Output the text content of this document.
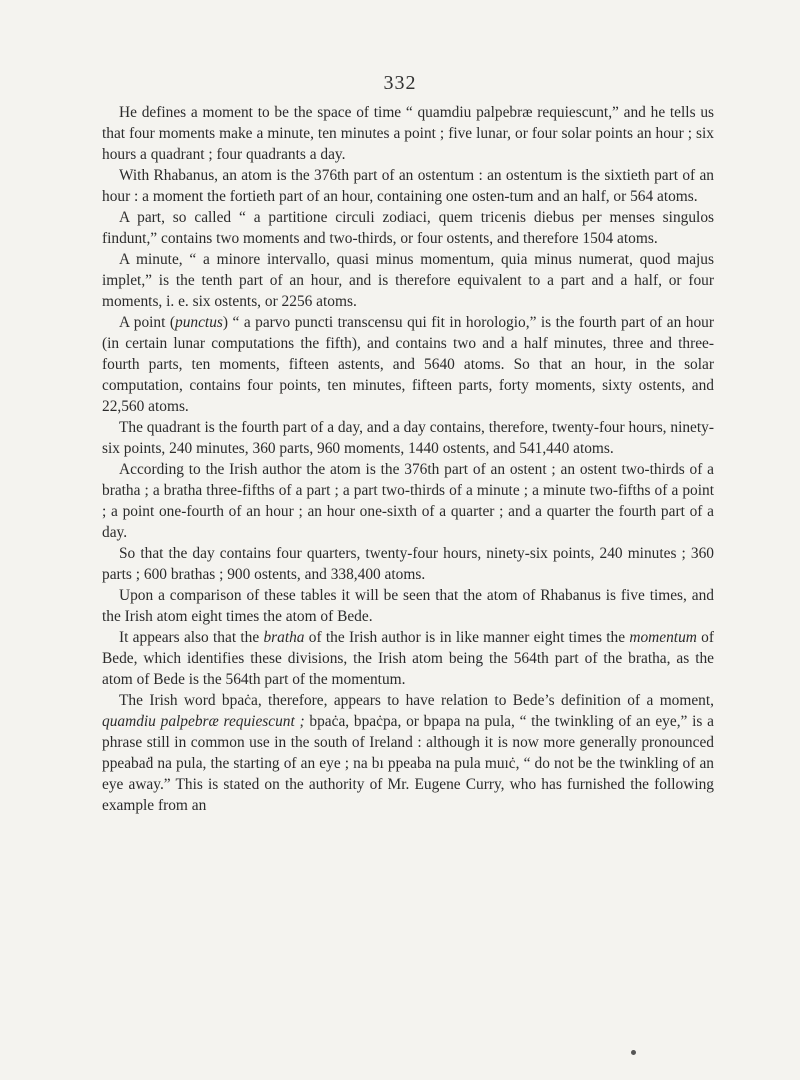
332

He defines a moment to be the space of time “ quamdiu palpebræ requiescunt,” and he tells us that four moments make a minute, ten minutes a point ; five lunar, or four solar points an hour ; six hours a quadrant ; four quadrants a day.

With Rhabanus, an atom is the 376th part of an ostentum : an ostentum is the sixtieth part of an hour : a moment the fortieth part of an hour, containing one osten-tum and an half, or 564 atoms.

A part, so called “ a partitione circuli zodiaci, quem tricenis diebus per menses singulos findunt,” contains two moments and two-thirds, or four ostents, and therefore 1504 atoms.

A minute, “ a minore intervallo, quasi minus momentum, quia minus numerat, quod majus implet,” is the tenth part of an hour, and is therefore equivalent to a part and a half, or four moments, i. e. six ostents, or 2256 atoms.

A point (punctus) “ a parvo puncti transcensu qui fit in horologio,” is the fourth part of an hour (in certain lunar computations the fifth), and contains two and a half minutes, three and three-fourth parts, ten moments, fifteen astents, and 5640 atoms. So that an hour, in the solar computation, contains four points, ten minutes, fifteen parts, forty moments, sixty ostents, and 22,560 atoms.

The quadrant is the fourth part of a day, and a day contains, therefore, twenty-four hours, ninety-six points, 240 minutes, 360 parts, 960 moments, 1440 ostents, and 541,440 atoms.

According to the Irish author the atom is the 376th part of an ostent ; an ostent two-thirds of a bratha ; a bratha three-fifths of a part ; a part two-thirds of a minute ; a minute two-fifths of a point ; a point one-fourth of an hour ; an hour one-sixth of a quarter ; and a quarter the fourth part of a day.

So that the day contains four quarters, twenty-four hours, ninety-six points, 240 minutes ; 360 parts ; 600 brathas ; 900 ostents, and 338,400 atoms.

Upon a comparison of these tables it will be seen that the atom of Rhabanus is five times, and the Irish atom eight times the atom of Bede.

It appears also that the bratha of the Irish author is in like manner eight times the momentum of Bede, which identifies these divisions, the Irish atom being the 564th part of the bratha, as the atom of Bede is the 564th part of the momentum.

The Irish word bpaċa, therefore, appears to have relation to Bede’s definition of a moment, quamdiu palpebræ requiescunt ; bpaċa, bpaċpa, or bpapa na pula, “ the twinkling of an eye,” is a phrase still in common use in the south of Ireland : although it is now more generally pronounced ppeabaḋ na pula, the starting of an eye ; na bı ppeaba na pula muıċ, “ do not be the twinkling of an eye away.” This is stated on the authority of Mr. Eugene Curry, who has furnished the following example from an
